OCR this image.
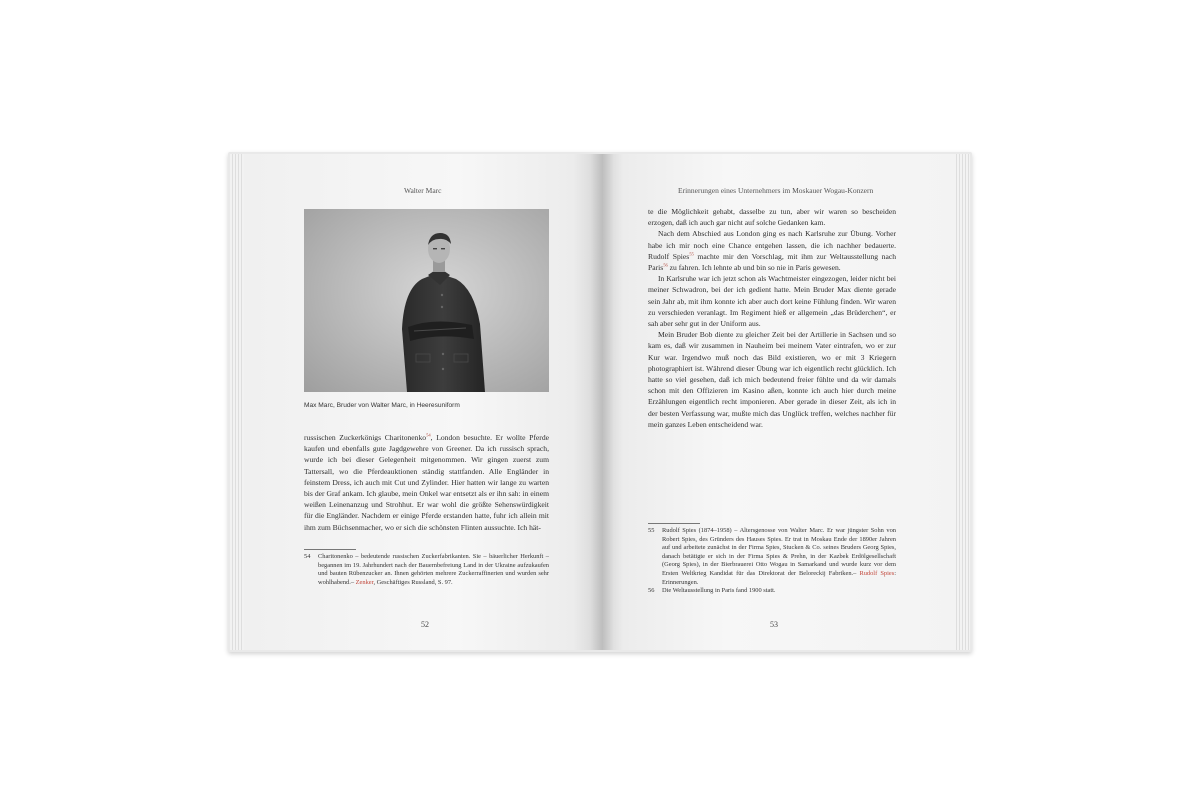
Walter Marc
Max Marc, Bruder von Walter Marc, in Heeresuniform

russischen Zuckerkönigs Charitonenko$^{54}$, London besuchte. Er wollte Pferde kaufen und ebenfalls gute Jagdgewehre von Greener. Da ich russisch sprach, wurde ich bei dieser Gelegenheit mitgenommen. Wir gingen zuerst zum Tattersall, wo die Pferdeauktionen ständig stattfanden. Alle Engländer in feinstem Dress, ich auch mit Cut und Zylinder. Hier hatten wir lange zu warten bis der Graf ankam. Ich glaube, mein Onkel war entsetzt als er ihn sah: in einem weißen Leinenanzug und Strohhut. Er war wohl die größte Sehenswürdigkeit für die Engländer. Nachdem er einige Pferde erstanden hatte, fuhr ich allein mit ihm zum Büchsenmacher, wo er sich die schönsten Flinten aussuchte. Ich hät-

54	Charitonenko – bedeutende russischen Zuckerfabrikanten. Sie – bäuerlicher Herkunft – begannen im 19. Jahrhundert nach der Bauernbefreiung Land in der Ukraine aufzukaufen und bauten Rübenzucker an. Ihnen gehörten mehrere Zuckerraffinerien und wurden sehr wohlhabend.– Zenker, Geschäftiges Russland, S. 97.
52
Erinnerungen eines Unternehmers im Moskauer Wogau-Konzern

te die Möglichkeit gehabt, dasselbe zu tun, aber wir waren so bescheiden erzogen, daß ich auch gar nicht auf solche Gedanken kam.

Nach dem Abschied aus London ging es nach Karlsruhe zur Übung. Vorher habe ich mir noch eine Chance entgehen lassen, die ich nachher bedauerte. Rudolf Spies$^{55}$ machte mir den Vorschlag, mit ihm zur Weltausstellung nach Paris$^{56}$ zu fahren. Ich lehnte ab und bin so nie in Paris gewesen.

In Karlsruhe war ich jetzt schon als Wachtmeister eingezogen, leider nicht bei meiner Schwadron, bei der ich gedient hatte. Mein Bruder Max diente gerade sein Jahr ab, mit ihm konnte ich aber auch dort keine Fühlung finden. Wir waren zu verschieden veranlagt. Im Regiment hieß er allgemein „das Brüderchen“, er sah aber sehr gut in der Uniform aus.

Mein Bruder Bob diente zu gleicher Zeit bei der Artillerie in Sachsen und so kam es, daß wir zusammen in Nauheim bei meinem Vater eintrafen, wo er zur Kur war. Irgendwo muß noch das Bild existieren, wo er mit 3 Kriegern photographiert ist. Während dieser Übung war ich eigentlich recht glücklich. Ich hatte so viel gesehen, daß ich mich bedeutend freier fühlte und da wir damals schon mit den Offizieren im Kasino aßen, konnte ich auch hier durch meine Erzählungen eigentlich recht imponieren. Aber gerade in dieser Zeit, als ich in der besten Verfassung war, mußte mich das Unglück treffen, welches nachher für mein ganzes Leben entscheidend war.

55	Rudolf Spies (1874–1958) – Altersgenosse von Walter Marc. Er war jüngster Sohn von Robert Spies, des Gründers des Hauses Spies. Er trat in Moskau Ende der 1890er Jahren auf und arbeitete zunächst in der Firma Spies, Stucken & Co. seines Bruders Georg Spies, danach betätigte er sich in der Firma Spies & Prehn, in der Kazbek Erdölgesellschaft (Georg Spies), in der Bierbrauerei Otto Wogau in Samarkand und wurde kurz vor dem Ersten Weltkrieg Kandidat für das Direktorat der Beloreckij Fabriken.– Rudolf Spies: Erinnerungen.
56	Die Weltausstellung in Paris fand 1900 statt.
53
